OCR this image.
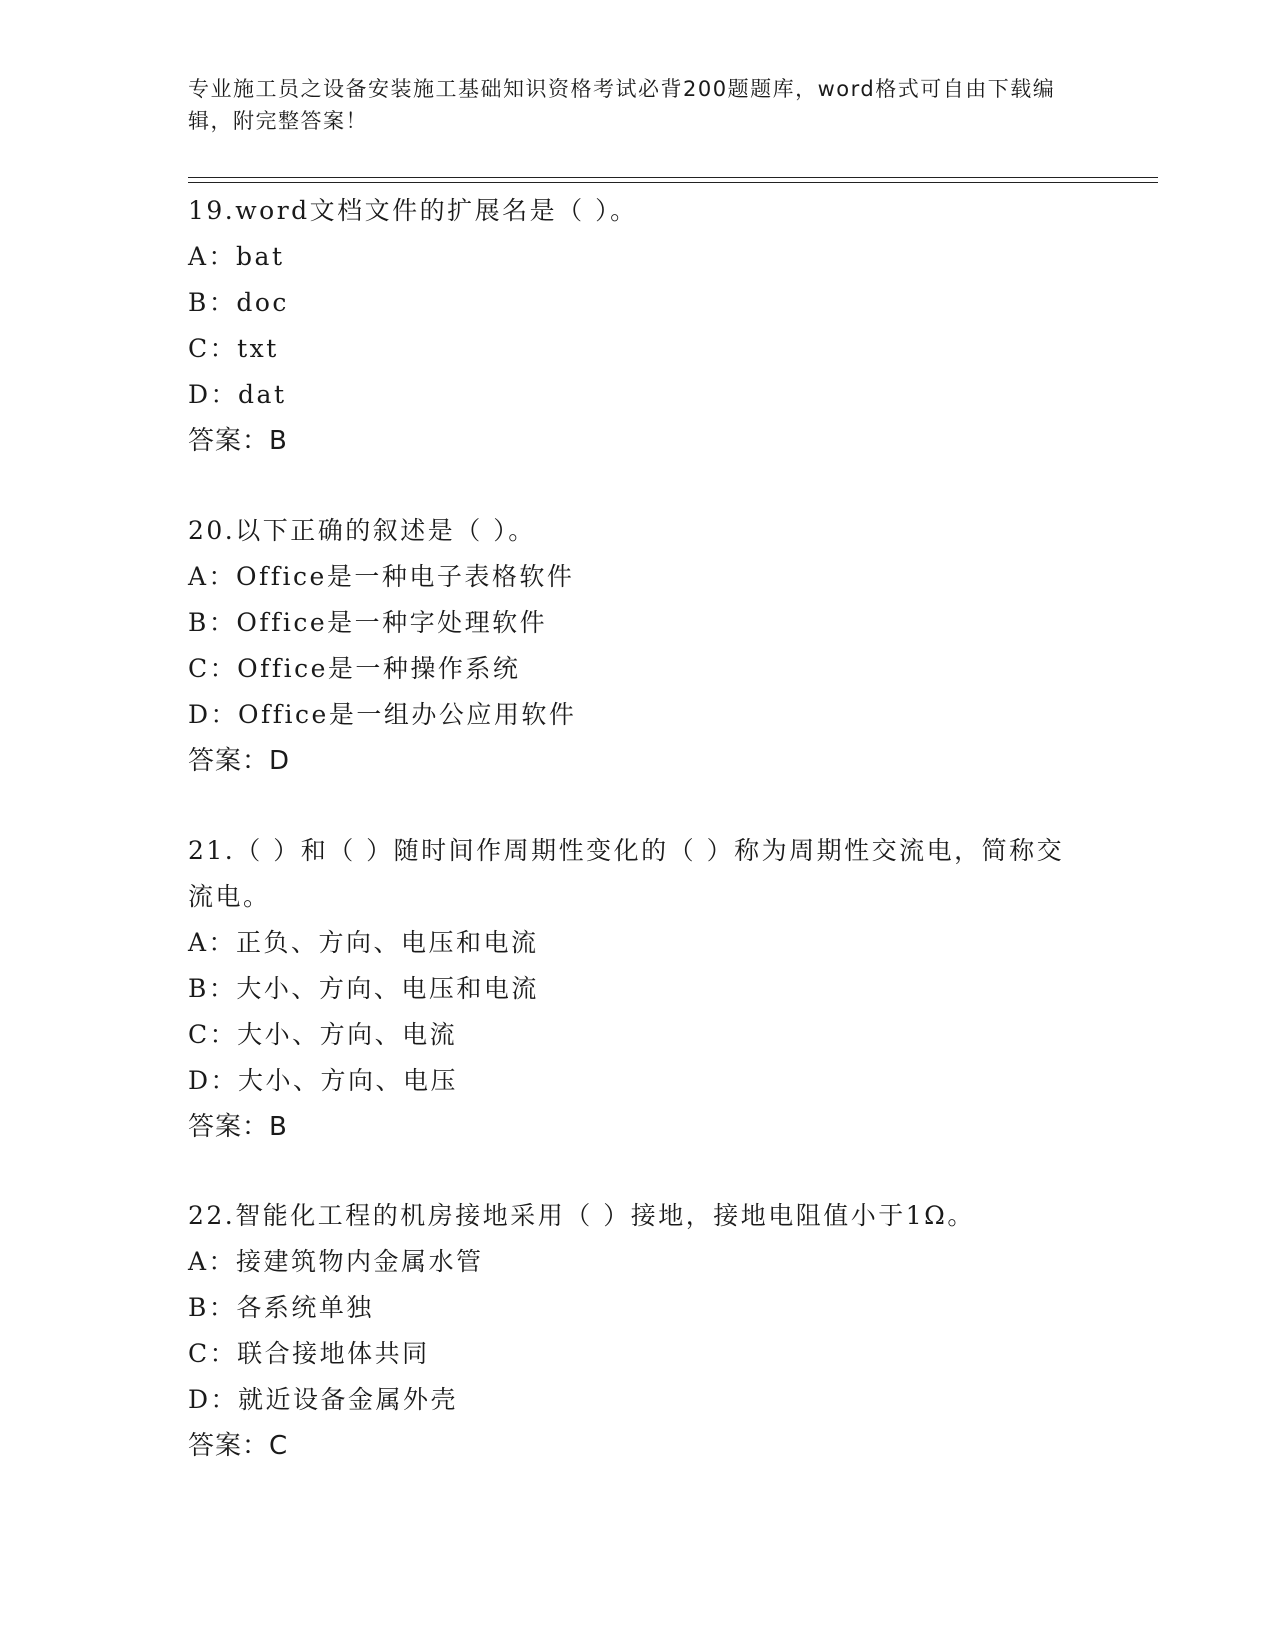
专业施工员之设备安装施工基础知识资格考试必背200题题库，word格式可自由下载编辑，附完整答案！
19.word文档文件的扩展名是（ ）。
A：bat
B：doc
C：txt
D：dat
答案：B
20.以下正确的叙述是（ ）。
A：Office是一种电子表格软件
B：Office是一种字处理软件
C：Office是一种操作系统
D：Office是一组办公应用软件
答案：D
21.（ ）和（ ）随时间作周期性变化的（ ）称为周期性交流电，简称交流电。
A：正负、方向、电压和电流
B：大小、方向、电压和电流
C：大小、方向、电流
D：大小、方向、电压
答案：B
22.智能化工程的机房接地采用（ ）接地，接地电阻值小于1Ω。
A：接建筑物内金属水管
B：各系统单独
C：联合接地体共同
D：就近设备金属外壳
答案：C
